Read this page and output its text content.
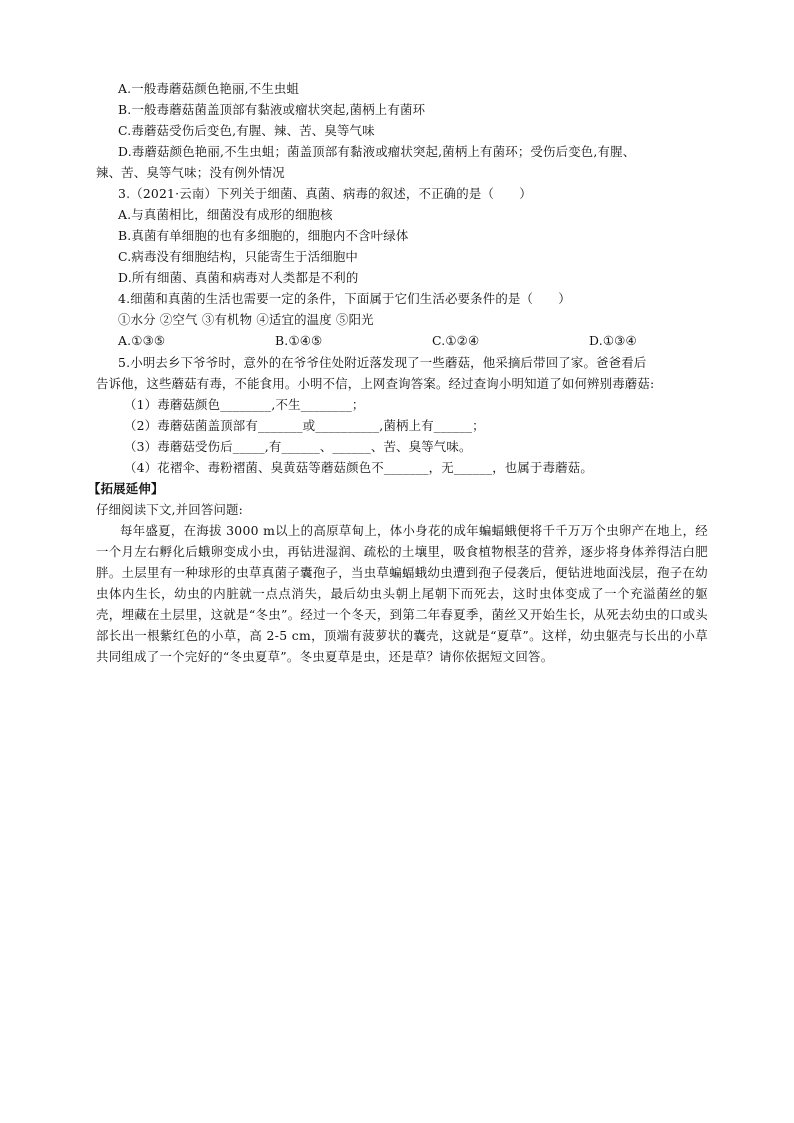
A.一般毒蘑菇颜色艳丽,不生虫蛆
B.一般毒蘑菇菌盖顶部有黏液或瘤状突起,菌柄上有菌环
C.毒蘑菇受伤后变色,有腥、辣、苦、臭等气味
D.毒蘑菇颜色艳丽,不生虫蛆；菌盖顶部有黏液或瘤状突起,菌柄上有菌环；受伤后变色,有腥、
辣、苦、臭等气味；没有例外情况
3.（2021·云南）下列关于细菌、真菌、病毒的叙述，不正确的是（　　）
A.与真菌相比，细菌没有成形的细胞核
B.真菌有单细胞的也有多细胞的，细胞内不含叶绿体
C.病毒没有细胞结构，只能寄生于活细胞中
D.所有细菌、真菌和病毒对人类都是不利的
4.细菌和真菌的生活也需要一定的条件，下面属于它们生活必要条件的是（　　）
①水分 ②空气 ③有机物 ④适宜的温度 ⑤阳光
A.①③⑤	B.①④⑤	C.①②④	D.①③④
5.小明去乡下爷爷时，意外的在爷爷住处附近落发现了一些蘑菇，他采摘后带回了家。爸爸看后
告诉他，这些蘑菇有毒，不能食用。小明不信，上网查询答案。经过查询小明知道了如何辨别毒蘑菇:
（1）毒蘑菇颜色________,不生________；
（2）毒蘑菇菌盖顶部有_______或__________,菌柄上有______；
（3）毒蘑菇受伤后_____,有______、______、苦、臭等气味。
（4）花褶伞、毒粉褶菌、臭黄菇等蘑菇颜色不_______，无______，也属于毒蘑菇。
【拓展延伸】
仔细阅读下文,并回答问题:
每年盛夏，在海拔 3000 m以上的高原草甸上，体小身花的成年蝙蝠蛾便将千千万万个虫卵产在地上，经一个月左右孵化后蛾卵变成小虫，再钻进湿润、疏松的土壤里，吸食植物根茎的营养，逐步将身体养得洁白肥胖。土层里有一种球形的虫草真菌子囊孢子，当虫草蝙蝠蛾幼虫遭到孢子侵袭后，便钻进地面浅层，孢子在幼虫体内生长，幼虫的内脏就一点点消失，最后幼虫头朝上尾朝下而死去，这时虫体变成了一个充溢菌丝的躯壳，埋藏在土层里，这就是“冬虫”。经过一个冬天，到第二年春夏季，菌丝又开始生长，从死去幼虫的口或头部长出一根紫红色的小草，高 2-5 cm，顶端有菠萝状的囊壳，这就是“夏草”。这样，幼虫躯壳与长出的小草共同组成了一个完好的“冬虫夏草”。冬虫夏草是虫，还是草？请你依据短文回答。
